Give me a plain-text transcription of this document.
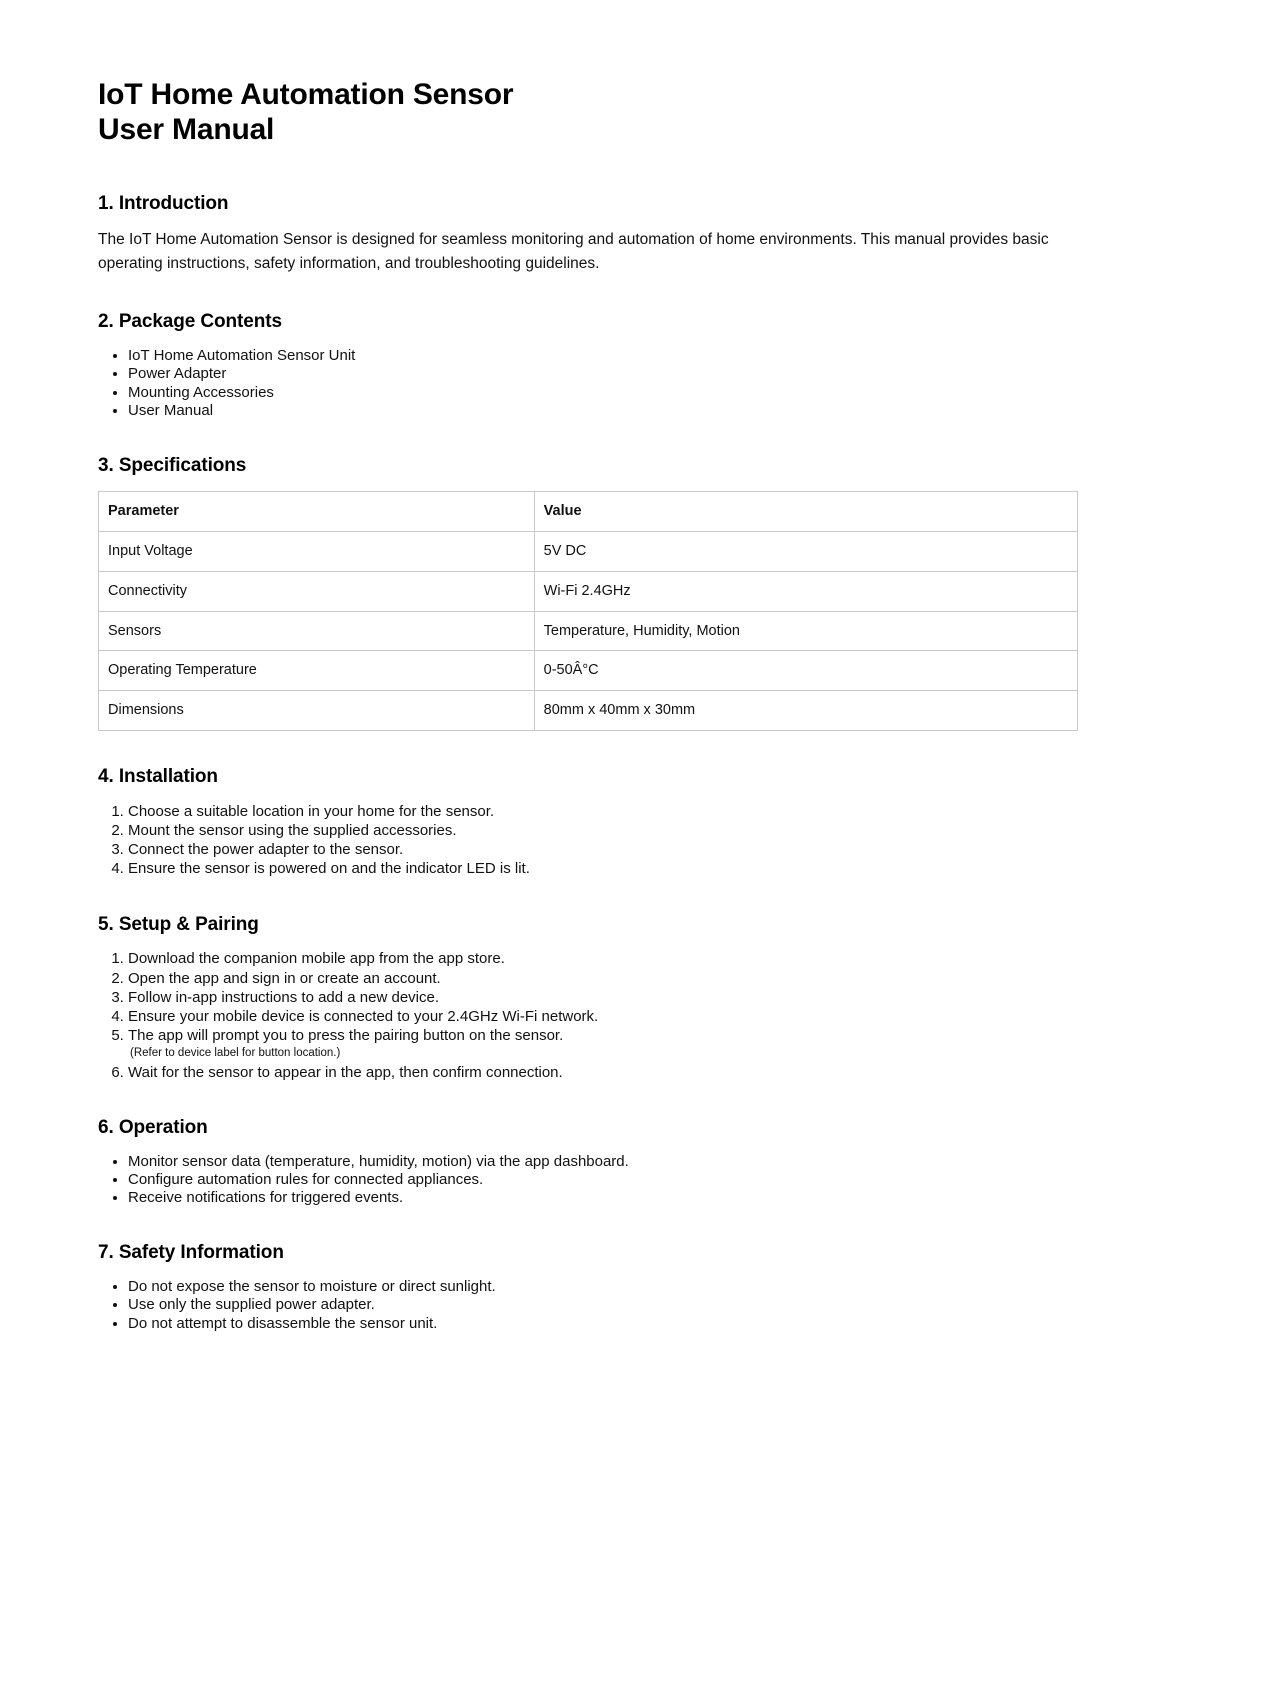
IoT Home Automation Sensor
User Manual
1. Introduction

The IoT Home Automation Sensor is designed for seamless monitoring and automation of home environments. This manual provides basic operating instructions, safety information, and troubleshooting guidelines.

2. Package Contents
• IoT Home Automation Sensor Unit
• Power Adapter
• Mounting Accessories
• User Manual
3. Specifications
Parameter	Value
Input Voltage	5V DC
Connectivity	Wi-Fi 2.4GHz
Sensors	Temperature, Humidity, Motion
Operating Temperature	0-50Â°C
Dimensions	80mm x 40mm x 30mm
4. Installation
1. Choose a suitable location in your home for the sensor.
2. Mount the sensor using the supplied accessories.
3. Connect the power adapter to the sensor.
4. Ensure the sensor is powered on and the indicator LED is lit.
5. Setup & Pairing
1. Download the companion mobile app from the app store.
2. Open the app and sign in or create an account.
3. Follow in-app instructions to add a new device.
4. Ensure your mobile device is connected to your 2.4GHz Wi-Fi network.
5. The app will prompt you to press the pairing button on the sensor.
(Refer to device label for button location.)
6. Wait for the sensor to appear in the app, then confirm connection.
6. Operation
• Monitor sensor data (temperature, humidity, motion) via the app dashboard.
• Configure automation rules for connected appliances.
• Receive notifications for triggered events.
7. Safety Information
• Do not expose the sensor to moisture or direct sunlight.
• Use only the supplied power adapter.
• Do not attempt to disassemble the sensor unit.
